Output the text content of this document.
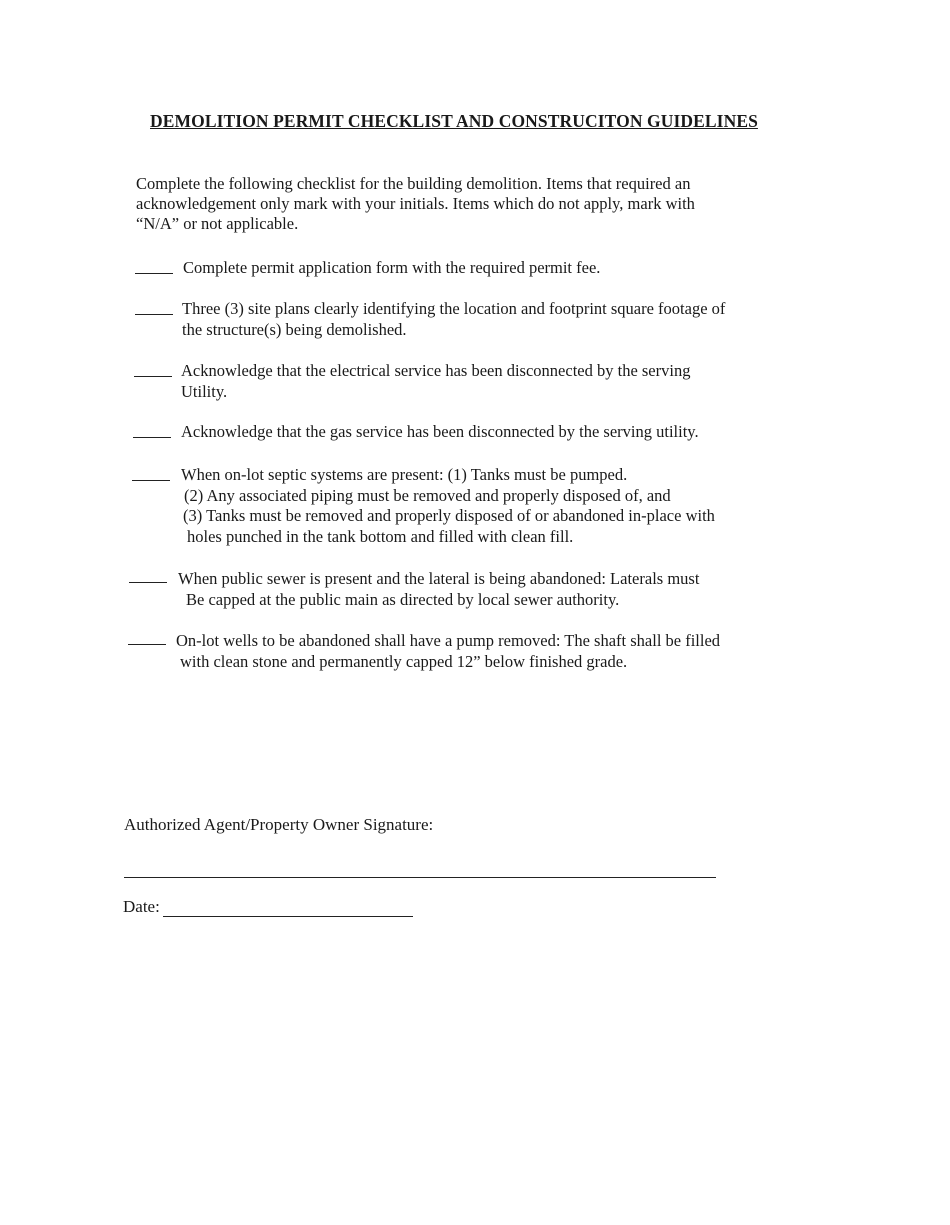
DEMOLITION PERMIT CHECKLIST AND CONSTRUCITON GUIDELINES
Complete the following checklist for the building demolition. Items that required an
acknowledgement only mark with your initials. Items which do not apply, mark with
“N/A” or not applicable.
Complete permit application form with the required permit fee.
Three (3) site plans clearly identifying the location and footprint square footage of
the structure(s) being demolished.
Acknowledge that the electrical service has been disconnected by the serving
Utility.
Acknowledge that the gas service has been disconnected by the serving utility.
When on-lot septic systems are present: (1) Tanks must be pumped.
(2) Any associated piping must be removed and properly disposed of, and
(3) Tanks must be removed and properly disposed of or abandoned in-place with
holes punched in the tank bottom and filled with clean fill.
When public sewer is present and the lateral is being abandoned: Laterals must
Be capped at the public main as directed by local sewer authority.
On-lot wells to be abandoned shall have a pump removed: The shaft shall be filled
with clean stone and permanently capped 12” below finished grade.
Authorized Agent/Property Owner Signature:
Date:
